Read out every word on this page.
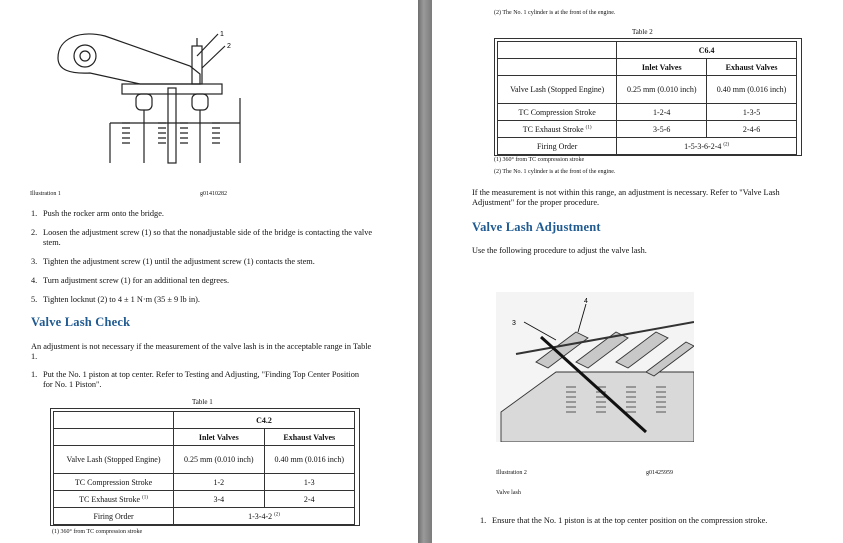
1
2
Illustration 1	g01410282
1. Push the rocker arm onto the bridge.
2. Loosen the adjustment screw (1) so that the nonadjustable side of the bridge is contacting the valve stem.
3. Tighten the adjustment screw (1) until the adjustment screw (1) contacts the stem.
4. Turn adjustment screw (1) for an additional ten degrees.
5. Tighten locknut (2) to 4 ± 1 N·m (35 ± 9 lb in).
Valve Lash Check
An adjustment is not necessary if the measurement of the valve lash is in the acceptable range in Table 1.
1. Put the No. 1 piston at top center. Refer to Testing and Adjusting, "Finding Top Center Position for No. 1 Piston".
Table 1
	C4.2	
	Inlet Valves	Exhaust Valves
Valve Lash (Stopped Engine)	0.25 mm (0.010 inch)	0.40 mm (0.016 inch)
TC Compression Stroke	1-2	1-3
TC Exhaust Stroke $^{(1)}$	3-4	2-4
Firing Order	1-3-4-2 $^{(2)}$
(1) 360° from TC compression stroke
(2) The No. 1 cylinder is at the front of the engine.
Table 2
	C6.4	
	Inlet Valves	Exhaust Valves
Valve Lash (Stopped Engine)	0.25 mm (0.010 inch)	0.40 mm (0.016 inch)
TC Compression Stroke	1-2-4	1-3-5
TC Exhaust Stroke $^{(1)}$	3-5-6	2-4-6
Firing Order	1-5-3-6-2-4 $^{(2)}$
(1) 360° from TC compression stroke
(2) The No. 1 cylinder is at the front of the engine.
If the measurement is not within this range, an adjustment is necessary. Refer to "Valve Lash Adjustment" for the proper procedure.
Valve Lash Adjustment
Use the following procedure to adjust the valve lash.
3
4
Illustration 2	g01425959
Valve lash
1. Ensure that the No. 1 piston is at the top center position on the compression stroke.
